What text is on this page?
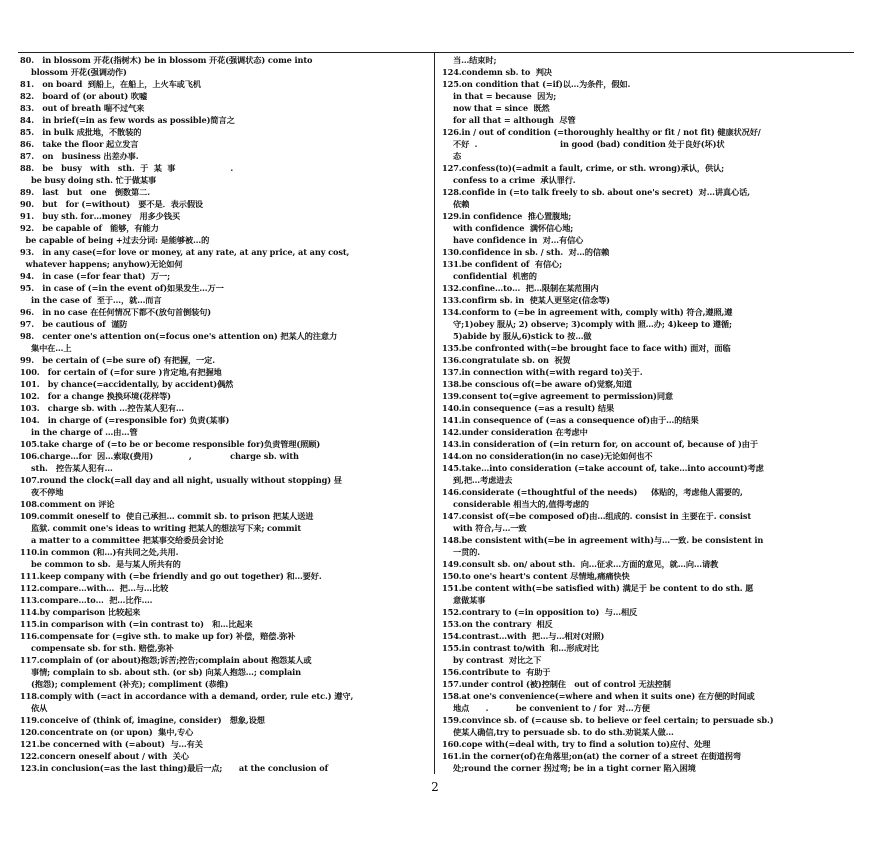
80.   in blossom 开花(指树木) be in blossom 开花(强调状态) come into
blossom 开花(强调动作)
81.   on board  到船上，在船上，上火车或飞机
82.   board of (or about) 吹嘘
83.   out of breath 喘不过气来
84.   in brief(=in as few words as possible)简言之
85.   in bulk 成批地，不散装的
86.   take the floor 起立发言
87.   on   business 出差办事.
88.   be   busy   with   sth.  于  某  事                    .
be busy doing sth. 忙于做某事
89.   last   but   one   倒数第二.
90.   but   for (=without)   要不是．表示假设
91.   buy sth. for…money   用多少钱买
92.   be capable of   能够，有能力
be capable of being +过去分词: 是能够被…的
93.   in any case(=for love or money, at any rate, at any price, at any cost,
whatever happens; anyhow)无论如何
94.   in case (=for fear that)  万一;
95.   in case of (=in the event of)如果发生…万一
in the case of  至于…，就…而言
96.   in no case 在任何情况下都不(放句首倒装句)
97.   be cautious of  谨防
98.   center one's attention on(=focus one's attention on) 把某人的注意力
集中在…上
99.   be certain of (=be sure of) 有把握，一定.
100.   for certain of (=for sure )肯定地,有把握地
101.   by chance(=accidentally, by accident)偶然
102.   for a change 换换环境(花样等)
103.   charge sb. with …控告某人犯有…
104.   in charge of (=responsible for) 负责(某事)
in the charge of …由…管
105.take charge of (=to be or become responsible for)负责管理(照顾)
106.charge…for  因…索取(费用)             ,              charge sb. with
sth.   控告某人犯有…
107.round the clock(=all day and all night, usually without stopping) 昼
夜不停地
108.comment on 评论
109.commit oneself to  使自己承担… commit sb. to prison 把某人送进
监狱. commit one's ideas to writing 把某人的想法写下来; commit
a matter to a committee 把某事交给委员会讨论
110.in common (和…)有共同之处,共用.
be common to sb.  是与某人所共有的
111.keep company with (=be friendly and go out together) 和…要好.
112.compare…with…  把…与…比较
113.compare…to…  把…比作….
114.by comparison 比较起来
115.in comparison with (=in contrast to)   和…比起来
116.compensate for (=give sth. to make up for) 补偿，赔偿.弥补
compensate sb. for sth. 赔偿,弥补
117.complain of (or about)抱怨;诉苦;控告;complain about 抱怨某人或
事情; complain to sb. about sth. (or sb) 向某人抱怨…; complain
(抱怨); complement (补充); compliment (恭维)
118.comply with (=act in accordance with a demand, order, rule etc.) 遵守,
依从
119.conceive of (think of, imagine, consider)   想象,设想
120.concentrate on (or upon)  集中,专心
121.be concerned with (=about)  与…有关
122.concern oneself about / with  关心
123.in conclusion(=as the last thing)最后一点;      at the conclusion of
当…结束时;
124.condemn sb. to  判决
125.on condition that (=if)以…为条件，假如.
in that = because  因为;
now that = since  既然
for all that = although  尽管
126.in / out of condition (=thoroughly healthy or fit / not fit) 健康状况好/
不好  .                              in good (bad) condition 处于良好(坏)状
态
127.confess(to)(=admit a fault, crime, or sth. wrong)承认，供认;
confess to a crime  承认罪行.
128.confide in (=to talk freely to sb. about one's secret)  对…讲真心话,
依赖
129.in confidence  推心置腹地;
with confidence  满怀信心地;
have confidence in  对…有信心
130.confidence in sb. / sth.  对…的信赖
131.be confident of  有信心;
confidential  机密的
132.confine…to…  把…限制在某范围内
133.confirm sb. in  使某人更坚定(信念等)
134.conform to (=be in agreement with, comply with) 符合,遵照,遵
守;1)obey 服从; 2) observe; 3)comply with 照…办; 4)keep to 遵循;
5)abide by 服从,6)stick to 按…做
135.be confronted with(=be brought face to face with) 面对，面临
136.congratulate sb. on  祝贺
137.in connection with(=with regard to)关于.
138.be conscious of(=be aware of)觉察,知道
139.consent to(=give agreement to permission)同意
140.in consequence (=as a result) 结果
141.in consequence of (=as a consequence of)由于…的结果
142.under consideration 在考虑中
143.in consideration of (=in return for, on account of, because of )由于
144.on no consideration(in no case)无论如何也不
145.take…into consideration (=take account of, take…into account)考虑
到,把…考虑进去
146.considerate (=thoughtful of the needs)     体贴的，考虑他人需要的,
considerable 相当大的,值得考虑的
147.consist of(=be composed of)由…组成的. consist in 主要在于. consist
with 符合,与…一致
148.be consistent with(=be in agreement with)与…一致. be consistent in
一贯的.
149.consult sb. on/ about sth.  向…征求…方面的意见，就…向…请教
150.to one's heart's content 尽情地,痛痛快快
151.be content with(=be satisfied with) 满足于 be content to do sth. 愿
意做某事
152.contrary to (=in opposition to)  与…相反
153.on the contrary  相反
154.contrast…with  把…与…相对(对照)
155.in contrast to/with  和…形成对比
by contrast  对比之下
156.contribute to  有助于
157.under control (被)控制住   out of control 无法控制
158.at one's convenience(=where and when it suits one) 在方便的时间或
地点      .          be convenient to / for  对…方便
159.convince sb. of (=cause sb. to believe or feel certain; to persuade sb.)
使某人确信,try to persuade sb. to do sth.劝说某人做…
160.cope with(=deal with, try to find a solution to)应付、处理
161.in the corner(of)在角落里;on(at) the corner of a street 在街道拐弯
处;round the corner 拐过弯; be in a tight corner 陷入困境
2
